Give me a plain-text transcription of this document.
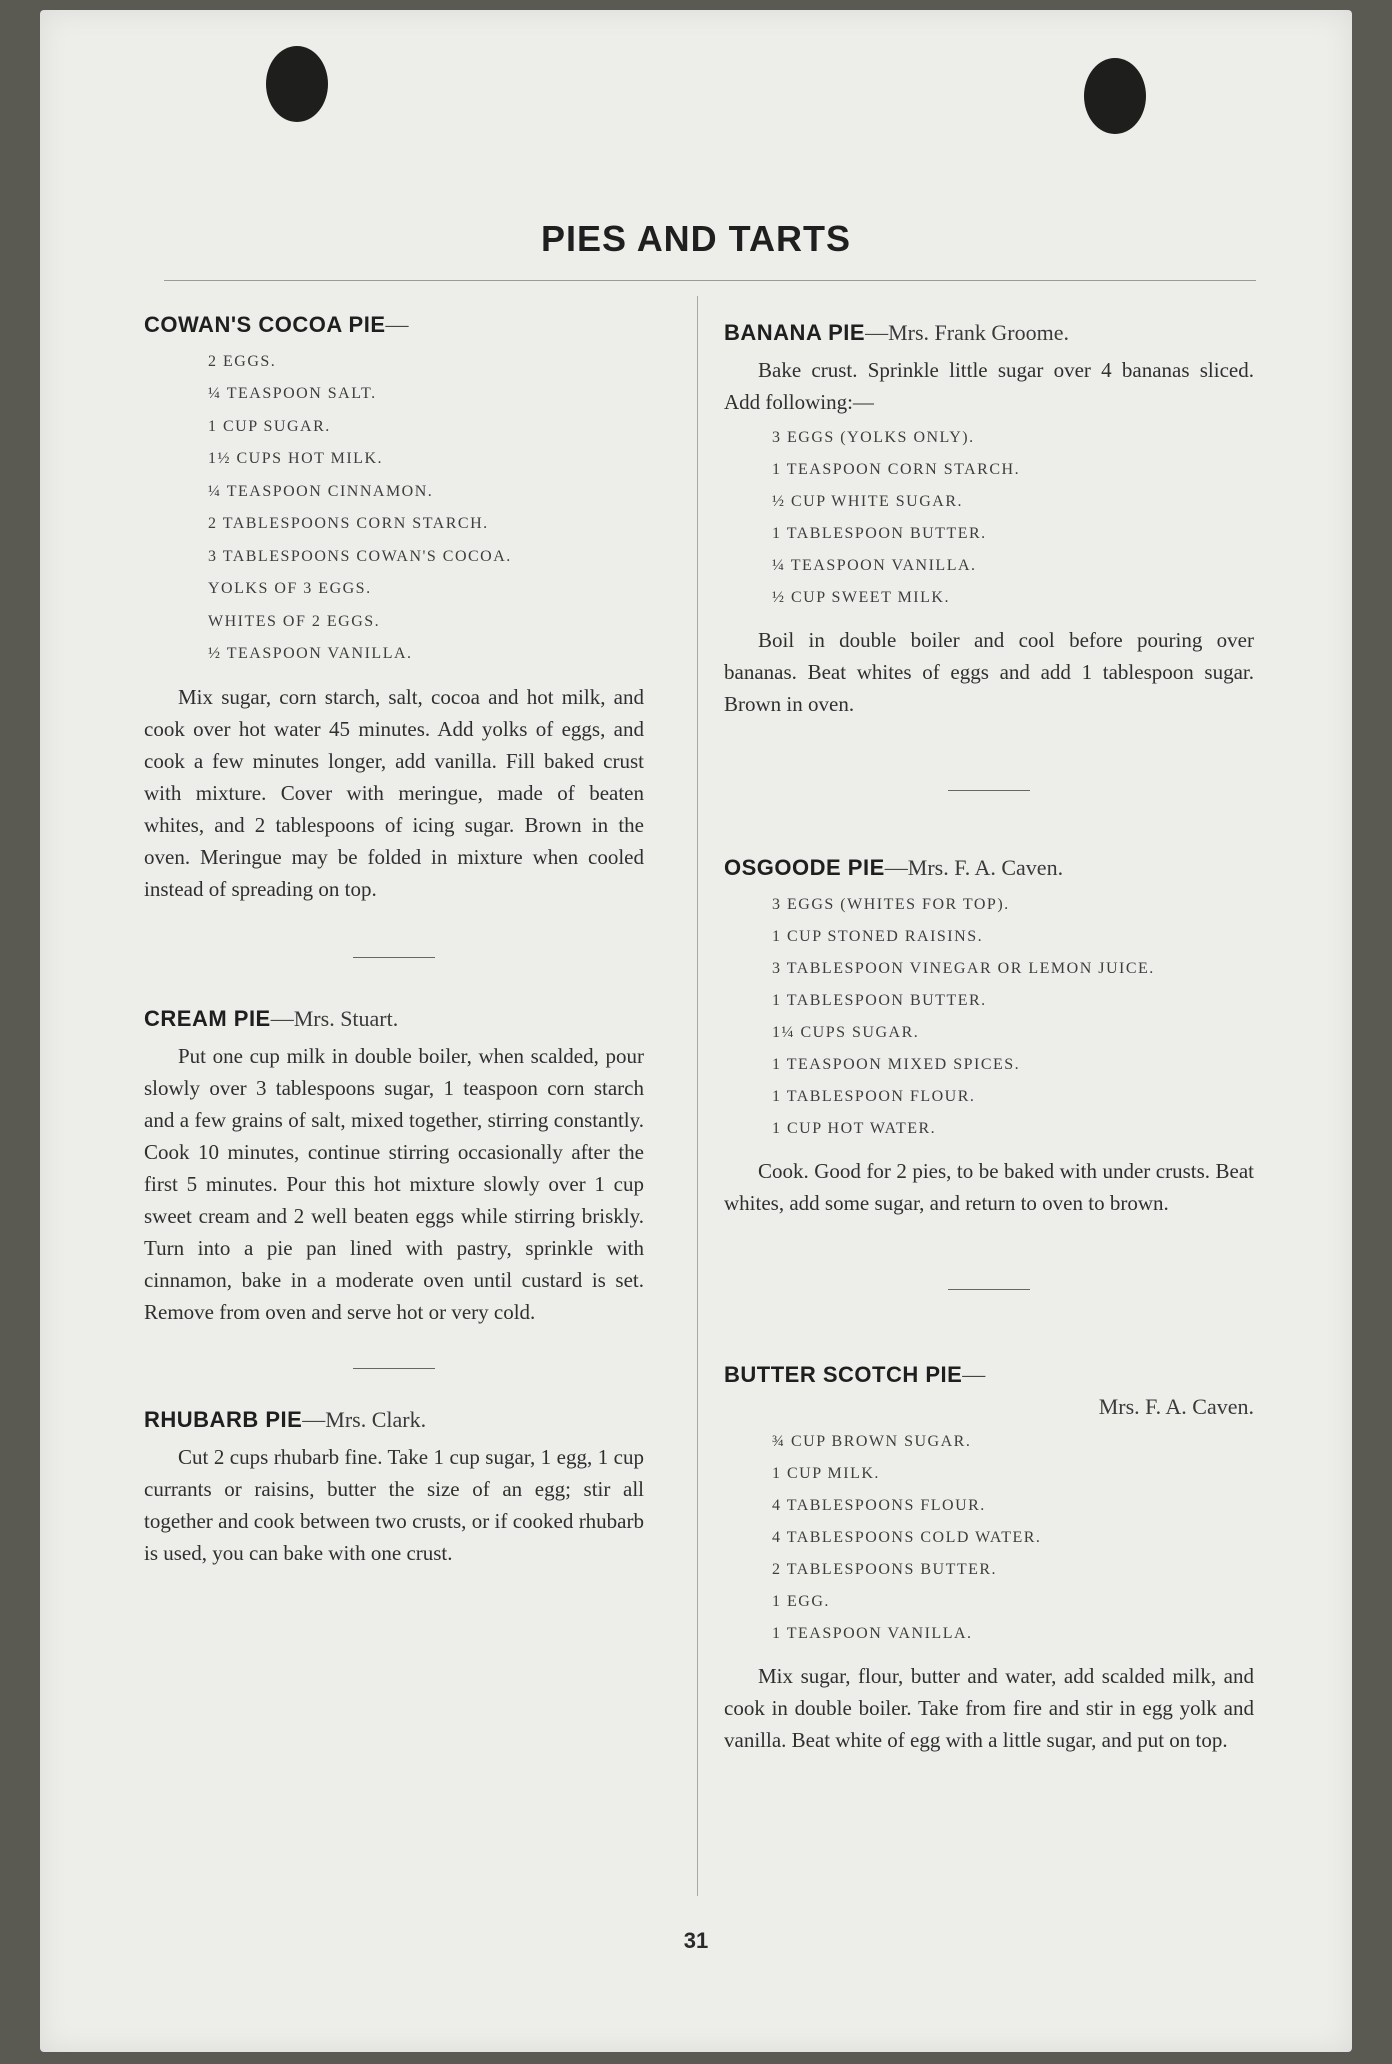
PIES AND TARTS
COWAN'S COCOA PIE—
2 EGGS.
¼ TEASPOON SALT.
1 CUP SUGAR.
1½ CUPS HOT MILK.
¼ TEASPOON CINNAMON.
2 TABLESPOONS CORN STARCH.
3 TABLESPOONS COWAN'S COCOA.
YOLKS OF 3 EGGS.
WHITES OF 2 EGGS.
½ TEASPOON VANILLA.

Mix sugar, corn starch, salt, cocoa and hot milk, and cook over hot water 45 minutes. Add yolks of eggs, and cook a few minutes longer, add vanilla. Fill baked crust with mixture. Cover with meringue, made of beaten whites, and 2 tablespoons of icing sugar. Brown in the oven. Meringue may be folded in mixture when cooled instead of spreading on top.

CREAM PIE—Mrs. Stuart.

Put one cup milk in double boiler, when scalded, pour slowly over 3 tablespoons sugar, 1 teaspoon corn starch and a few grains of salt, mixed together, stirring constantly. Cook 10 minutes, continue stirring occasionally after the first 5 minutes. Pour this hot mixture slowly over 1 cup sweet cream and 2 well beaten eggs while stirring briskly. Turn into a pie pan lined with pastry, sprinkle with cinnamon, bake in a moderate oven until custard is set. Remove from oven and serve hot or very cold.

RHUBARB PIE—Mrs. Clark.

Cut 2 cups rhubarb fine. Take 1 cup sugar, 1 egg, 1 cup currants or raisins, butter the size of an egg; stir all together and cook between two crusts, or if cooked rhubarb is used, you can bake with one crust.

BANANA PIE—Mrs. Frank Groome.

Bake crust. Sprinkle little sugar over 4 bananas sliced. Add following:—

3 EGGS (YOLKS ONLY).
1 TEASPOON CORN STARCH.
½ CUP WHITE SUGAR.
1 TABLESPOON BUTTER.
¼ TEASPOON VANILLA.
½ CUP SWEET MILK.

Boil in double boiler and cool before pouring over bananas. Beat whites of eggs and add 1 tablespoon sugar. Brown in oven.

OSGOODE PIE—Mrs. F. A. Caven.
3 EGGS (WHITES FOR TOP).
1 CUP STONED RAISINS.
3 TABLESPOON VINEGAR OR LEMON JUICE.
1 TABLESPOON BUTTER.
1¼ CUPS SUGAR.
1 TEASPOON MIXED SPICES.
1 TABLESPOON FLOUR.
1 CUP HOT WATER.

Cook. Good for 2 pies, to be baked with under crusts. Beat whites, add some sugar, and return to oven to brown.

BUTTER SCOTCH PIE—
Mrs. F. A. Caven.
¾ CUP BROWN SUGAR.
1 CUP MILK.
4 TABLESPOONS FLOUR.
4 TABLESPOONS COLD WATER.
2 TABLESPOONS BUTTER.
1 EGG.
1 TEASPOON VANILLA.

Mix sugar, flour, butter and water, add scalded milk, and cook in double boiler. Take from fire and stir in egg yolk and vanilla. Beat white of egg with a little sugar, and put on top.

31
